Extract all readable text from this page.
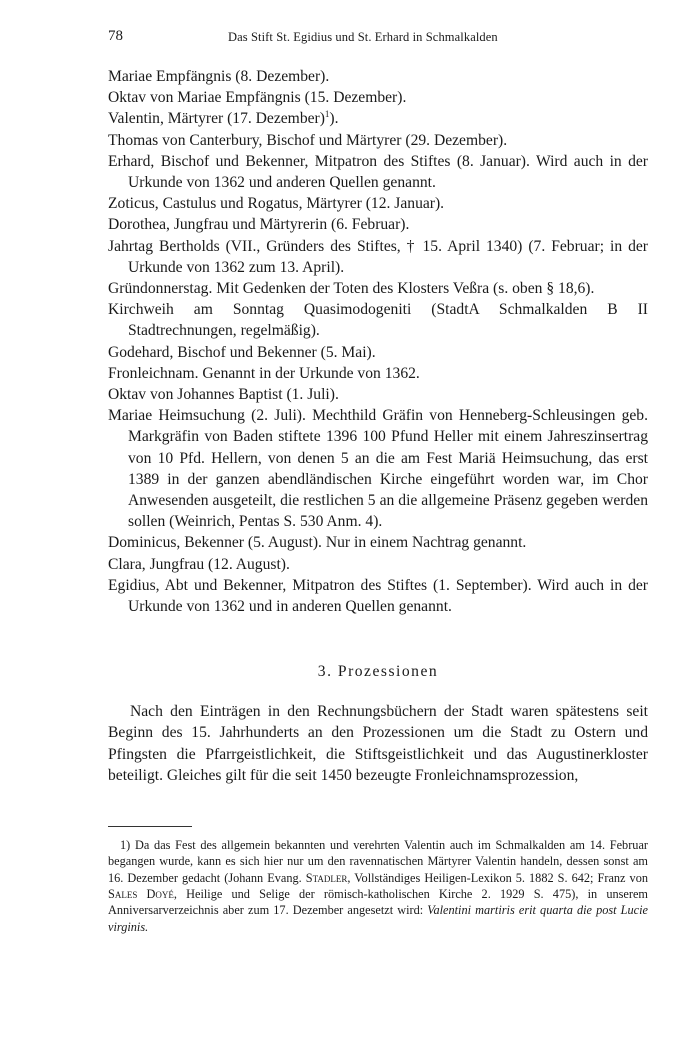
78	Das Stift St. Egidius und St. Erhard in Schmalkalden

Mariae Empfängnis (8. Dezember).

Oktav von Mariae Empfängnis (15. Dezember).

Valentin, Märtyrer (17. Dezember)$^1$).

Thomas von Canterbury, Bischof und Märtyrer (29. Dezember).

Erhard, Bischof und Bekenner, Mitpatron des Stiftes (8. Januar). Wird auch in der Urkunde von 1362 und anderen Quellen genannt.

Zoticus, Castulus und Rogatus, Märtyrer (12. Januar).

Dorothea, Jungfrau und Märtyrerin (6. Februar).

Jahrtag Bertholds (VII., Gründers des Stiftes, † 15. April 1340) (7. Februar; in der Urkunde von 1362 zum 13. April).

Gründonnerstag. Mit Gedenken der Toten des Klosters Veßra (s. oben § 18,6).

Kirchweih am Sonntag Quasimodogeniti (StadtA Schmalkalden B II Stadtrechnungen, regelmäßig).

Godehard, Bischof und Bekenner (5. Mai).

Fronleichnam. Genannt in der Urkunde von 1362.

Oktav von Johannes Baptist (1. Juli).

Mariae Heimsuchung (2. Juli). Mechthild Gräfin von Henneberg-Schleusingen geb. Markgräfin von Baden stiftete 1396 100 Pfund Heller mit einem Jahreszinsertrag von 10 Pfd. Hellern, von denen 5 an die am Fest Mariä Heimsuchung, das erst 1389 in der ganzen abendländischen Kirche eingeführt worden war, im Chor Anwesenden ausgeteilt, die restlichen 5 an die allgemeine Präsenz gegeben werden sollen (Weinrich, Pentas S. 530 Anm. 4).

Dominicus, Bekenner (5. August). Nur in einem Nachtrag genannt.

Clara, Jungfrau (12. August).

Egidius, Abt und Bekenner, Mitpatron des Stiftes (1. September). Wird auch in der Urkunde von 1362 und in anderen Quellen genannt.

3. Prozessionen

Nach den Einträgen in den Rechnungsbüchern der Stadt waren spätestens seit Beginn des 15. Jahrhunderts an den Prozessionen um die Stadt zu Ostern und Pfingsten die Pfarrgeistlichkeit, die Stiftsgeistlichkeit und das Augustinerkloster beteiligt. Gleiches gilt für die seit 1450 bezeugte Fronleichnamsprozession,

1) Da das Fest des allgemein bekannten und verehrten Valentin auch im Schmalkalden am 14. Februar begangen wurde, kann es sich hier nur um den ravennatischen Märtyrer Valentin handeln, dessen sonst am 16. Dezember gedacht (Johann Evang. Stadler, Vollständiges Heiligen-Lexikon 5. 1882 S. 642; Franz von Sales Doyé, Heilige und Selige der römisch-katholischen Kirche 2. 1929 S. 475), in unserem Anniversarverzeichnis aber zum 17. Dezember angesetzt wird: Valentini martiris erit quarta die post Lucie virginis.
